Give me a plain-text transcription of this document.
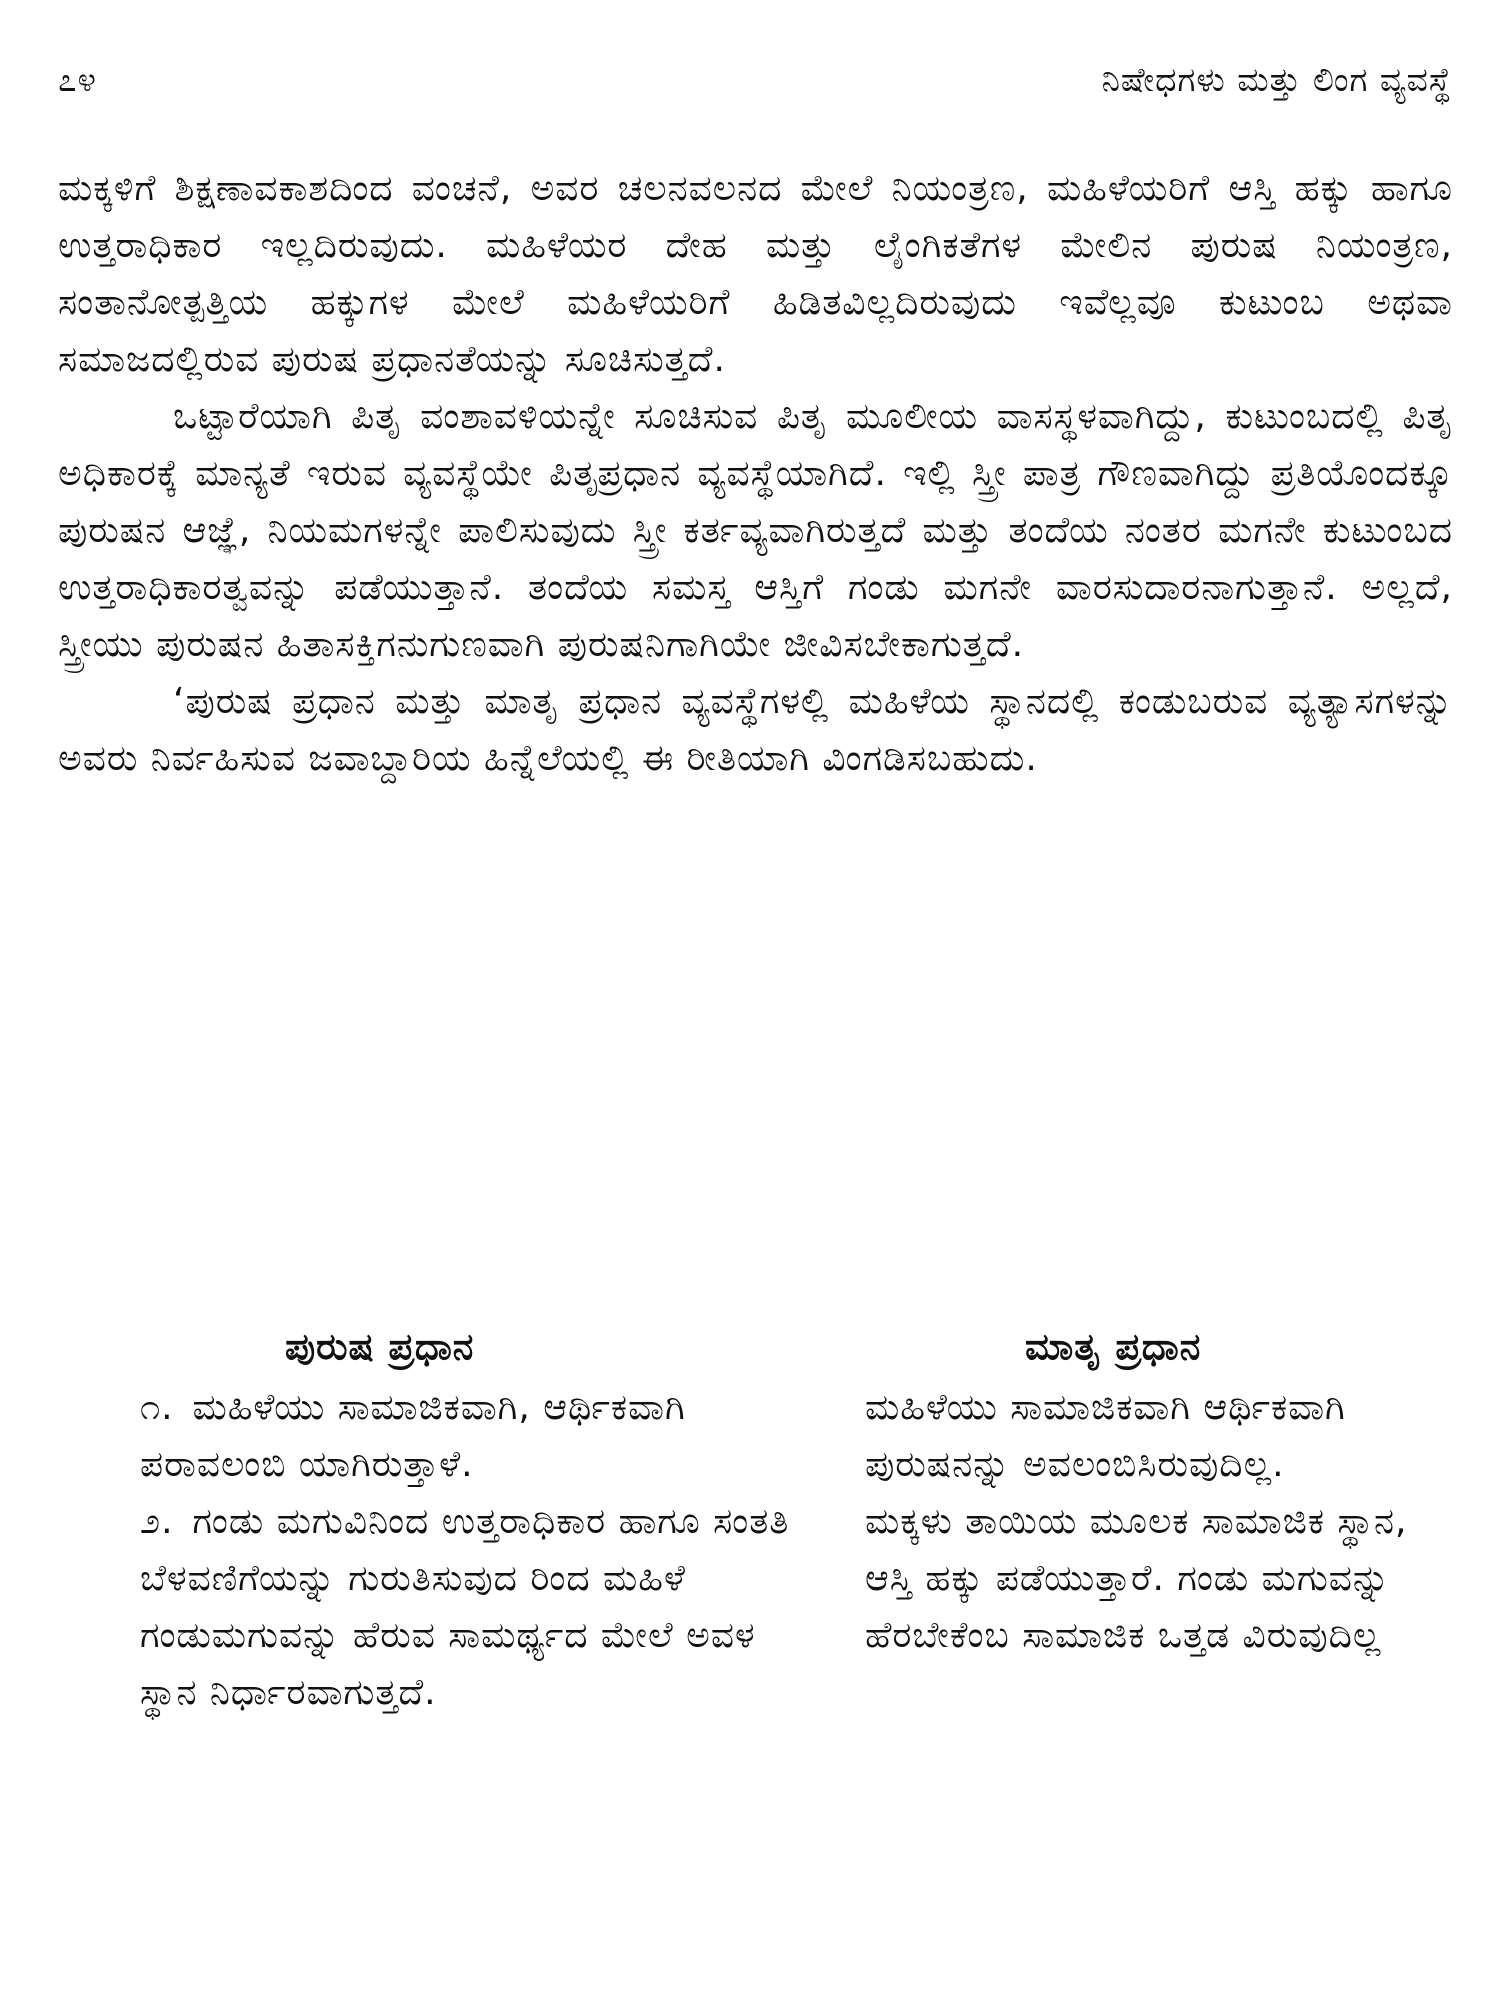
೭೪	ನಿಷೇಧಗಳು ಮತ್ತು ಲಿಂಗ ವ್ಯವಸ್ಥೆ

ಮಕ್ಕಳಿಗೆ ಶಿಕ್ಷಣಾವಕಾಶದಿಂದ ವಂಚನೆ, ಅವರ ಚಲನವಲನದ ಮೇಲೆ ನಿಯಂತ್ರಣ, ಮಹಿಳೆಯರಿಗೆ ಆಸ್ತಿ ಹಕ್ಕು ಹಾಗೂ ಉತ್ತರಾಧಿಕಾರ ಇಲ್ಲದಿರುವುದು. ಮಹಿಳೆಯರ ದೇಹ ಮತ್ತು ಲೈಂಗಿಕತೆಗಳ ಮೇಲಿನ ಪುರುಷ ನಿಯಂತ್ರಣ, ಸಂತಾನೋತ್ಪತ್ತಿಯ ಹಕ್ಕುಗಳ ಮೇಲೆ ಮಹಿಳೆಯರಿಗೆ ಹಿಡಿತವಿಲ್ಲದಿರುವುದು ಇವೆಲ್ಲವೂ ಕುಟುಂಬ ಅಥವಾ ಸಮಾಜದಲ್ಲಿರುವ ಪುರುಷ ಪ್ರಧಾನತೆಯನ್ನು ಸೂಚಿಸುತ್ತದೆ.

ಒಟ್ಟಾರೆಯಾಗಿ ಪಿತೃ ವಂಶಾವಳಿಯನ್ನೇ ಸೂಚಿಸುವ ಪಿತೃ ಮೂಲೀಯ ವಾಸಸ್ಥಳವಾಗಿದ್ದು, ಕುಟುಂಬದಲ್ಲಿ ಪಿತೃ ಅಧಿಕಾರಕ್ಕೆ ಮಾನ್ಯತೆ ಇರುವ ವ್ಯವಸ್ಥೆಯೇ ಪಿತೃಪ್ರಧಾನ ವ್ಯವಸ್ಥೆಯಾಗಿದೆ. ಇಲ್ಲಿ ಸ್ತ್ರೀ ಪಾತ್ರ ಗೌಣವಾಗಿದ್ದು ಪ್ರತಿಯೊಂದಕ್ಕೂ ಪುರುಷನ ಆಜ್ಞೆ, ನಿಯಮಗಳನ್ನೇ ಪಾಲಿಸುವುದು ಸ್ತ್ರೀ ಕರ್ತವ್ಯವಾಗಿರುತ್ತದೆ ಮತ್ತು ತಂದೆಯ ನಂತರ ಮಗನೇ ಕುಟುಂಬದ ಉತ್ತರಾಧಿಕಾರತ್ವವನ್ನು ಪಡೆಯುತ್ತಾನೆ. ತಂದೆಯ ಸಮಸ್ತ ಆಸ್ತಿಗೆ ಗಂಡು ಮಗನೇ ವಾರಸುದಾರನಾಗುತ್ತಾನೆ. ಅಲ್ಲದೆ, ಸ್ತ್ರೀಯು ಪುರುಷನ ಹಿತಾಸಕ್ತಿಗನುಗುಣವಾಗಿ ಪುರುಷನಿಗಾಗಿಯೇ ಜೀವಿಸಬೇಕಾಗುತ್ತದೆ.

‘ಪುರುಷ ಪ್ರಧಾನ ಮತ್ತು ಮಾತೃ ಪ್ರಧಾನ ವ್ಯವಸ್ಥೆಗಳಲ್ಲಿ ಮಹಿಳೆಯ ಸ್ಥಾನದಲ್ಲಿ ಕಂಡುಬರುವ ವ್ಯತ್ಯಾಸಗಳನ್ನು ಅವರು ನಿರ್ವಹಿಸುವ ಜವಾಬ್ದಾರಿಯ ಹಿನ್ನೆಲೆಯಲ್ಲಿ ಈ ರೀತಿಯಾಗಿ ವಿಂಗಡಿಸಬಹುದು.

ಪುರುಷ ಪ್ರಧಾನ

೧. ಮಹಿಳೆಯು ಸಾಮಾಜಿಕವಾಗಿ, ಆರ್ಥಿಕವಾಗಿ ಪರಾವಲಂಬಿ ಯಾಗಿರುತ್ತಾಳೆ.

೨. ಗಂಡು ಮಗುವಿನಿಂದ ಉತ್ತರಾಧಿಕಾರ ಹಾಗೂ ಸಂತತಿ ಬೆಳವಣಿಗೆಯನ್ನು ಗುರುತಿಸುವುದ ರಿಂದ ಮಹಿಳೆ ಗಂಡುಮಗುವನ್ನು ಹೆರುವ ಸಾಮರ್ಥ್ಯದ ಮೇಲೆ ಅವಳ ಸ್ಥಾನ ನಿರ್ಧಾರವಾಗುತ್ತದೆ.

ಮಾತೃ ಪ್ರಧಾನ

ಮಹಿಳೆಯು ಸಾಮಾಜಿಕವಾಗಿ ಆರ್ಥಿಕವಾಗಿ ಪುರುಷನನ್ನು ಅವಲಂಬಿಸಿರುವುದಿಲ್ಲ.

ಮಕ್ಕಳು ತಾಯಿಯ ಮೂಲಕ ಸಾಮಾಜಿಕ ಸ್ಥಾನ, ಆಸ್ತಿ ಹಕ್ಕು ಪಡೆಯುತ್ತಾರೆ. ಗಂಡು ಮಗುವನ್ನು ಹೆರಬೇಕೆಂಬ ಸಾಮಾಜಿಕ ಒತ್ತಡ ವಿರುವುದಿಲ್ಲ
